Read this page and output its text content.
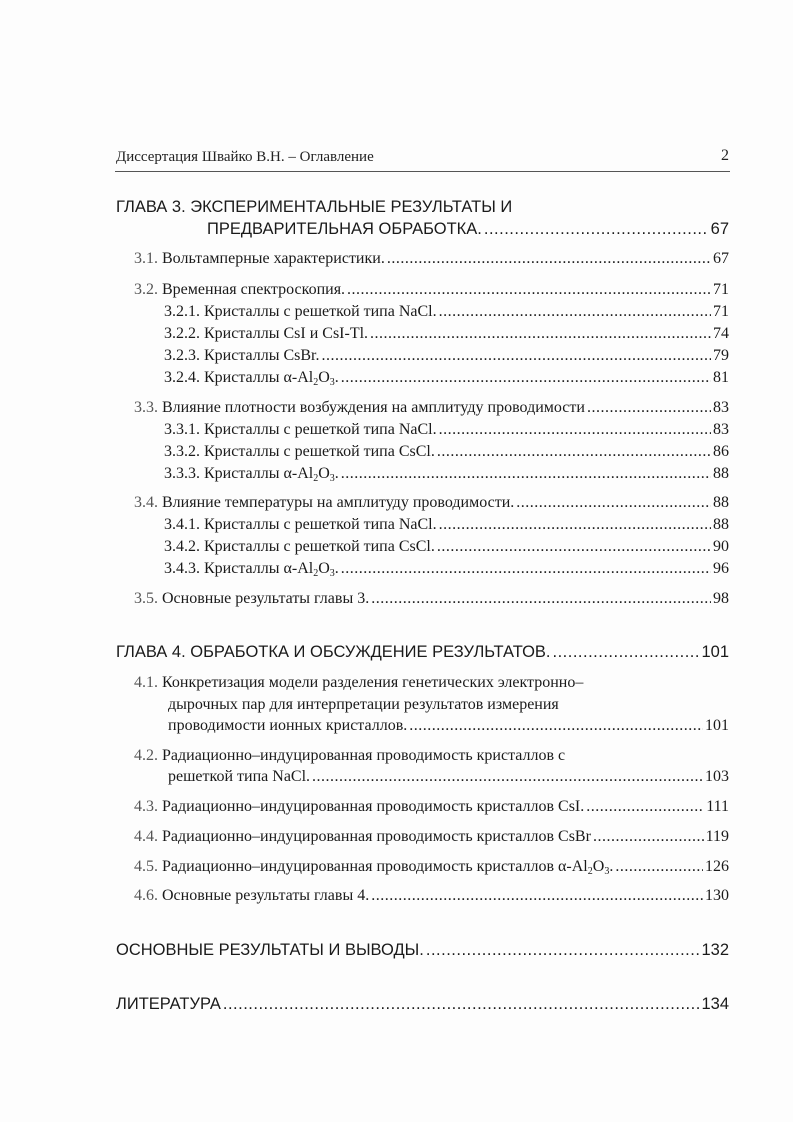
Диссертация Швайко В.Н. – Оглавление	2
ГЛАВА 3. ЭКСПЕРИМЕНТАЛЬНЫЕ РЕЗУЛЬТАТЫ И
ПРЕДВАРИТЕЛЬНАЯ ОБРАБОТКА. .....	67
3.1. Вольтамперные характеристики. .....	67
3.2. Временная спектроскопия. .....	71
3.2.1. Кристаллы с решеткой типа NaCl. .....	71
3.2.2. Кристаллы CsI и CsI-Tl. .....	74
3.2.3. Кристаллы CsBr. .....	79
3.2.4. Кристаллы $\alpha-Al_2O_3$. .....	81
3.3. Влияние плотности возбуждения на амплитуду проводимости .....	83
3.3.1. Кристаллы с решеткой типа NaCl. .....	83
3.3.2. Кристаллы с решеткой типа CsCl. .....	86
3.3.3. Кристаллы $\alpha-Al_2O_3$. .....	88
3.4. Влияние температуры на амплитуду проводимости. .....	88
3.4.1. Кристаллы с решеткой типа NaCl. .....	88
3.4.2. Кристаллы с решеткой типа CsCl. .....	90
3.4.3. Кристаллы $\alpha-Al_2O_3$. .....	96
3.5. Основные результаты главы 3. .....	98
ГЛАВА 4. ОБРАБОТКА И ОБСУЖДЕНИЕ РЕЗУЛЬТАТОВ. .....	101
4.1. Конкретизация модели разделения генетических электронно–
дырочных пар для интерпретации результатов измерения
проводимости ионных кристаллов. .....	101
4.2. Радиационно–индуцированная проводимость кристаллов с
решеткой типа NaCl. .....	103
4.3. Радиационно–индуцированная проводимость кристаллов CsI. .....	111
4.4. Радиационно–индуцированная проводимость кристаллов CsBr .....	119
4.5. Радиационно–индуцированная проводимость кристаллов $\alpha-Al_2O_3$. .....	126
4.6. Основные результаты главы 4. .....	130
ОСНОВНЫЕ РЕЗУЛЬТАТЫ И ВЫВОДЫ. .....	132
ЛИТЕРАТУРА .....	134
